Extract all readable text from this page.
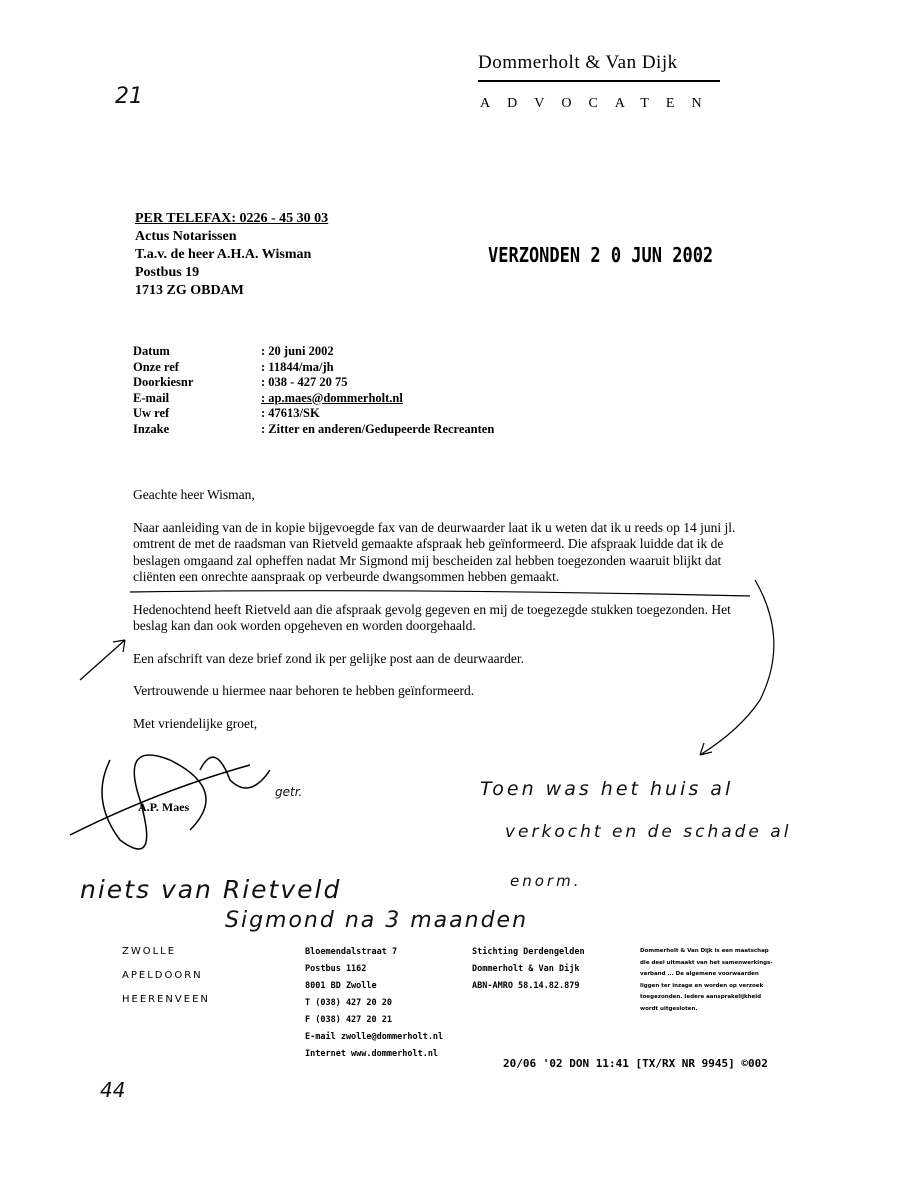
21
Dommerholt & Van Dijk
ADVOCATEN
PER TELEFAX: 0226 - 45 30 03
Actus Notarissen
T.a.v. de heer A.H.A. Wisman
Postbus 19
1713 ZG OBDAM
VERZONDEN 2 0 JUN 2002
Datum	: 20 juni 2002
Onze ref	: 11844/ma/jh
Doorkiesnr	: 038 - 427 20 75
E-mail	: ap.maes@dommerholt.nl
Uw ref	: 47613/SK
Inzake	: Zitter en anderen/Gedupeerde Recreanten

Geachte heer Wisman,

Naar aanleiding van de in kopie bijgevoegde fax van de deurwaarder laat ik u weten dat ik u reeds op 14 juni jl. omtrent de met de raadsman van Rietveld gemaakte afspraak heb geïnformeerd. Die afspraak luidde dat ik de beslagen omgaand zal opheffen nadat Mr Sigmond mij bescheiden zal hebben toegezonden waaruit blijkt dat cliënten een onrechte aanspraak op verbeurde dwangsommen hebben gemaakt.

Hedenochtend heeft Rietveld aan die afspraak gevolg gegeven en mij de toegezegde stukken toegezonden. Het beslag kan dan ook worden opgeheven en worden doorgehaald.

Een afschrift van deze brief zond ik per gelijke post aan de deurwaarder.

Vertrouwende u hiermee naar behoren te hebben geïnformeerd.

Met vriendelijke groet,

A.P. Maes
getr.	Toen was het huis al
verkocht en de schade al
enorm.
niets van Rietveld
Sigmond na 3 maanden
ZWOLLE
APELDOORN
HEERENVEEN
Bloemendalstraat 7
Postbus 1162
8001 BD Zwolle
T (038) 427 20 20
F (038) 427 20 21
E-mail zwolle@dommerholt.nl
Internet www.dommerholt.nl
Stichting Derdengelden
Dommerholt & Van Dijk
ABN-AMRO 58.14.82.879
Dommerholt & Van Dijk is een maatschap
die deel uitmaakt van het samenwerkings-
verband ... De algemene voorwaarden
liggen ter inzage en worden op verzoek
toegezonden. Iedere aansprakelijkheid
wordt uitgesloten.
20/06 '02 DON 11:41 [TX/RX NR 9945] ©002
44
